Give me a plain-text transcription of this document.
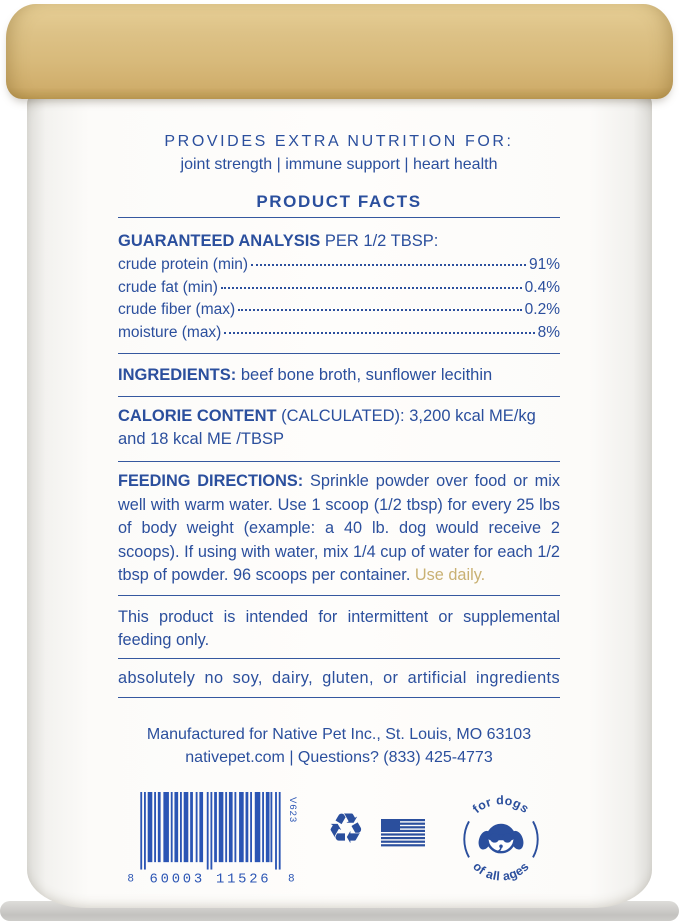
PROVIDES EXTRA NUTRITION FOR:
joint strength | immune support | heart health
PRODUCT FACTS
GUARANTEED ANALYSIS PER 1/2 TBSP:
crude protein (min)	91%
crude fat (min)	0.4%
crude fiber (max)	0.2%
moisture (max)	8%
INGREDIENTS: beef bone broth, sunflower lecithin
CALORIE CONTENT (CALCULATED): 3,200 kcal ME/kg and 18 kcal ME /TBSP
FEEDING DIRECTIONS: Sprinkle powder over food or mix well with warm water. Use 1 scoop (1/2 tbsp) for every 25 lbs of body weight (example: a 40 lb. dog would receive 2 scoops). If using with water, mix 1/4 cup of water for each 1/2 tbsp of powder. 96 scoops per container. Use daily.
This product is intended for intermittent or supplemental feeding only.
absolutely no soy, dairy, gluten, or artificial ingredients
Manufactured for Native Pet Inc., St. Louis, MO 63103
nativepet.com | Questions? (833) 425-4773
8 60003 11526 8
V623 ♻	for dogs
of all ages
